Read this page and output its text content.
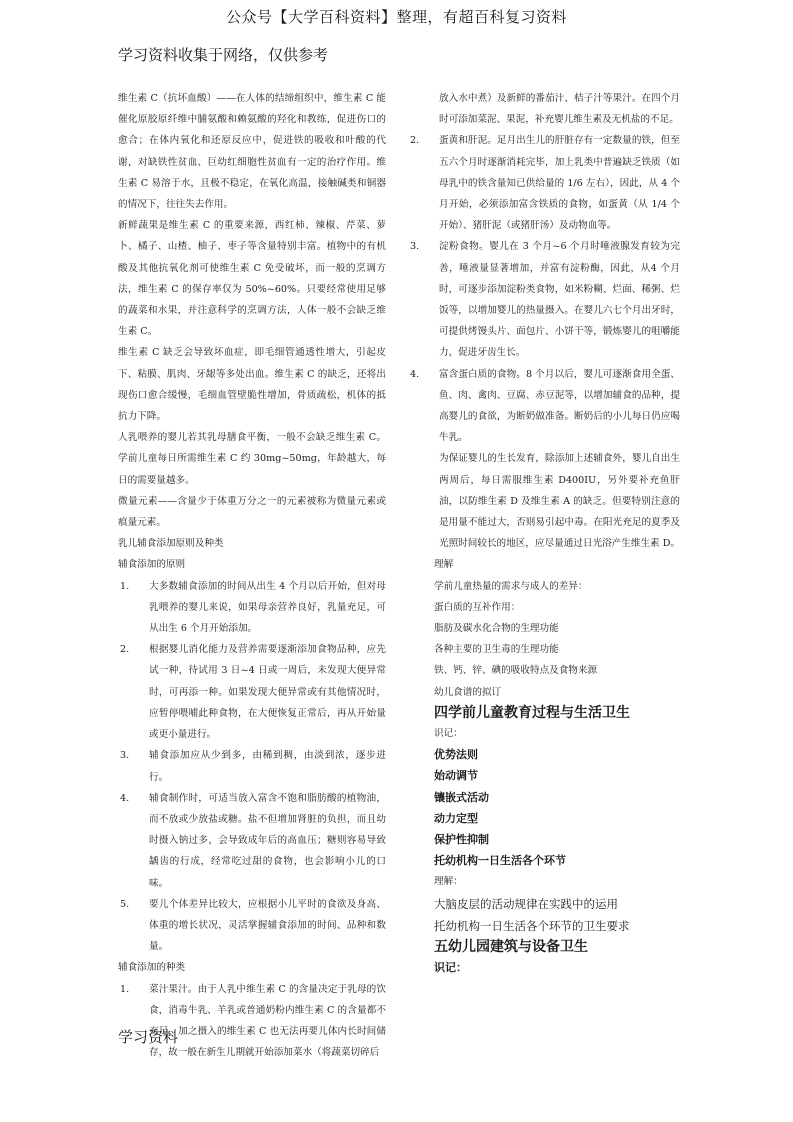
公众号【大学百科资料】整理，有超百科复习资料
学习资料收集于网络，仅供参考

维生素 C（抗坏血酸）——在人体的结缔组织中，维生素 C 能催化原胶原纤维中脯氨酸和赖氨酸的羟化和教练，促进伤口的愈合；在体内氧化和还原反应中，促进铁的吸收和叶酸的代谢，对缺铁性贫血、巨幼红细胞性贫血有一定的治疗作用。维生素 C 易溶于水，且极不稳定，在氧化高温，接触碱类和铜器的情况下，往往失去作用。

新鲜蔬果是维生素 C 的重要来源，西红柿、辣椒、芹菜、萝卜、橘子、山楂、柚子、枣子等含量特别丰富。植物中的有机酸及其他抗氧化剂可使维生素 C 免受破坏，而一般的烹调方法，维生素 C 的保存率仅为 50%~60%。只要经常使用足够的蔬菜和水果，并注意科学的烹调方法，人体一般不会缺乏维生素 C。

维生素 C 缺乏会导致坏血症，即毛细管通透性增大，引起皮下、粘膜、肌肉、牙龈等多处出血。维生素 C 的缺乏，还将出现伤口愈合缓慢，毛细血管壁脆性增加，骨质疏松，机体的抵抗力下降。

人乳喂养的婴儿若其乳母膳食平衡，一般不会缺乏维生素 C。学前儿童每日所需维生素 C 约 30mg~50mg，年龄越大，每日的需要量越多。

微量元素——含量少于体重万分之一的元素被称为微量元素或痕量元素。

乳儿辅食添加原则及种类

辅食添加的原则

1.	大多数辅食添加的时间从出生 4 个月以后开始，但对母乳喂养的婴儿来说，如果母亲营养良好，乳量充足，可从出生 6 个月开始添加。
2.	根据婴儿消化能力及营养需要逐渐添加食物品种，应先试一种，待试用 3 日~4 日或一周后，未发现大便异常时，可再添一种。如果发现大便异常或有其他情况时，应暂停喂哺此种食物，在大便恢复正常后，再从开始量或更小量进行。
3.	辅食添加应从少到多，由稀到稠，由淡到浓，逐步进行。
4.	辅食制作时，可适当放入富含不饱和脂肪酸的植物油，而不放或少放盐或糖。盐不但增加肾脏的负担，而且幼时摄入钠过多，会导致成年后的高血压；糖则容易导致龋齿的行成，经常吃过甜的食物，也会影响小儿的口味。
5.	要儿个体差异比较大，应根据小儿平时的食欲及身高、体重的增长状况，灵活掌握辅食添加的时间、品种和数量。

辅食添加的种类

1.	菜汁果汁。由于人乳中维生素 C 的含量决定于乳母的饮食，消毒牛乳、羊乳或普通奶粉内维生素 C 的含量都不充足，加之摄入的维生素 C 也无法再要儿体内长时间储存，故一般在新生儿期就开始添加菜水（将蔬菜切碎后
放入水中煮）及新鲜的番茄汁、桔子汁等果汁。在四个月时可添加菜泥、果泥，补充婴儿维生素及无机盐的不足。
2.	蛋黄和肝泥。足月出生儿的肝脏存有一定数量的铁，但至五六个月时逐渐消耗完毕，加上乳类中普遍缺乏铁质（如母乳中的铁含量知已供给量的 1/6 左右），因此，从 4 个月开始，必须添加富含铁质的食物，如蛋黄（从 1/4 个开始）、猪肝泥（或猪肝汤）及动物血等。
3.	淀粉食物。婴儿在 3 个月~6 个月时唾液腺发育较为完善，唾液量显著增加，并富有淀粉酶，因此，从4 个月时，可逐步添加淀粉类食物，如米粉糊、烂面、稀粥、烂饭等，以增加婴儿的热量摄入。在婴儿六七个月出牙时，可提供烤馒头片、面包片、小饼干等，锻炼婴儿的咀嚼能力，促进牙齿生长。
4.	富含蛋白质的食物。8 个月以后，婴儿可逐渐食用全蛋、鱼、肉、禽肉、豆腐、赤豆泥等，以增加辅食的品种，提高婴儿的食欲，为断奶做准备。断奶后的小儿每日仍应喝牛乳。
为保证婴儿的生长发育，除添加上述辅食外，婴儿自出生两周后，每日需服维生素 D400IU，另外要补充鱼肝油，以防维生素 D 及维生素 A 的缺乏。但要特别注意的是用量不能过大，否则易引起中毒。在阳光充足的夏季及光照时间较长的地区，应尽量通过日光浴产生维生素 D。

理解

学前儿童热量的需求与成人的差异：

蛋白质的互补作用：

脂肪及碳水化合物的生理功能

各种主要的卫生毒的生理功能

铁、钙、锌、碘的吸收特点及食物来源

幼儿食谱的拟订

四学前儿童教育过程与生活卫生

识记：

优势法则

始动调节

镶嵌式活动

动力定型

保护性抑制

托幼机构一日生活各个环节

理解：

大脑皮层的活动规律在实践中的运用

托幼机构一日生活各个环节的卫生要求

五幼儿园建筑与设备卫生

识记：

学习资料
